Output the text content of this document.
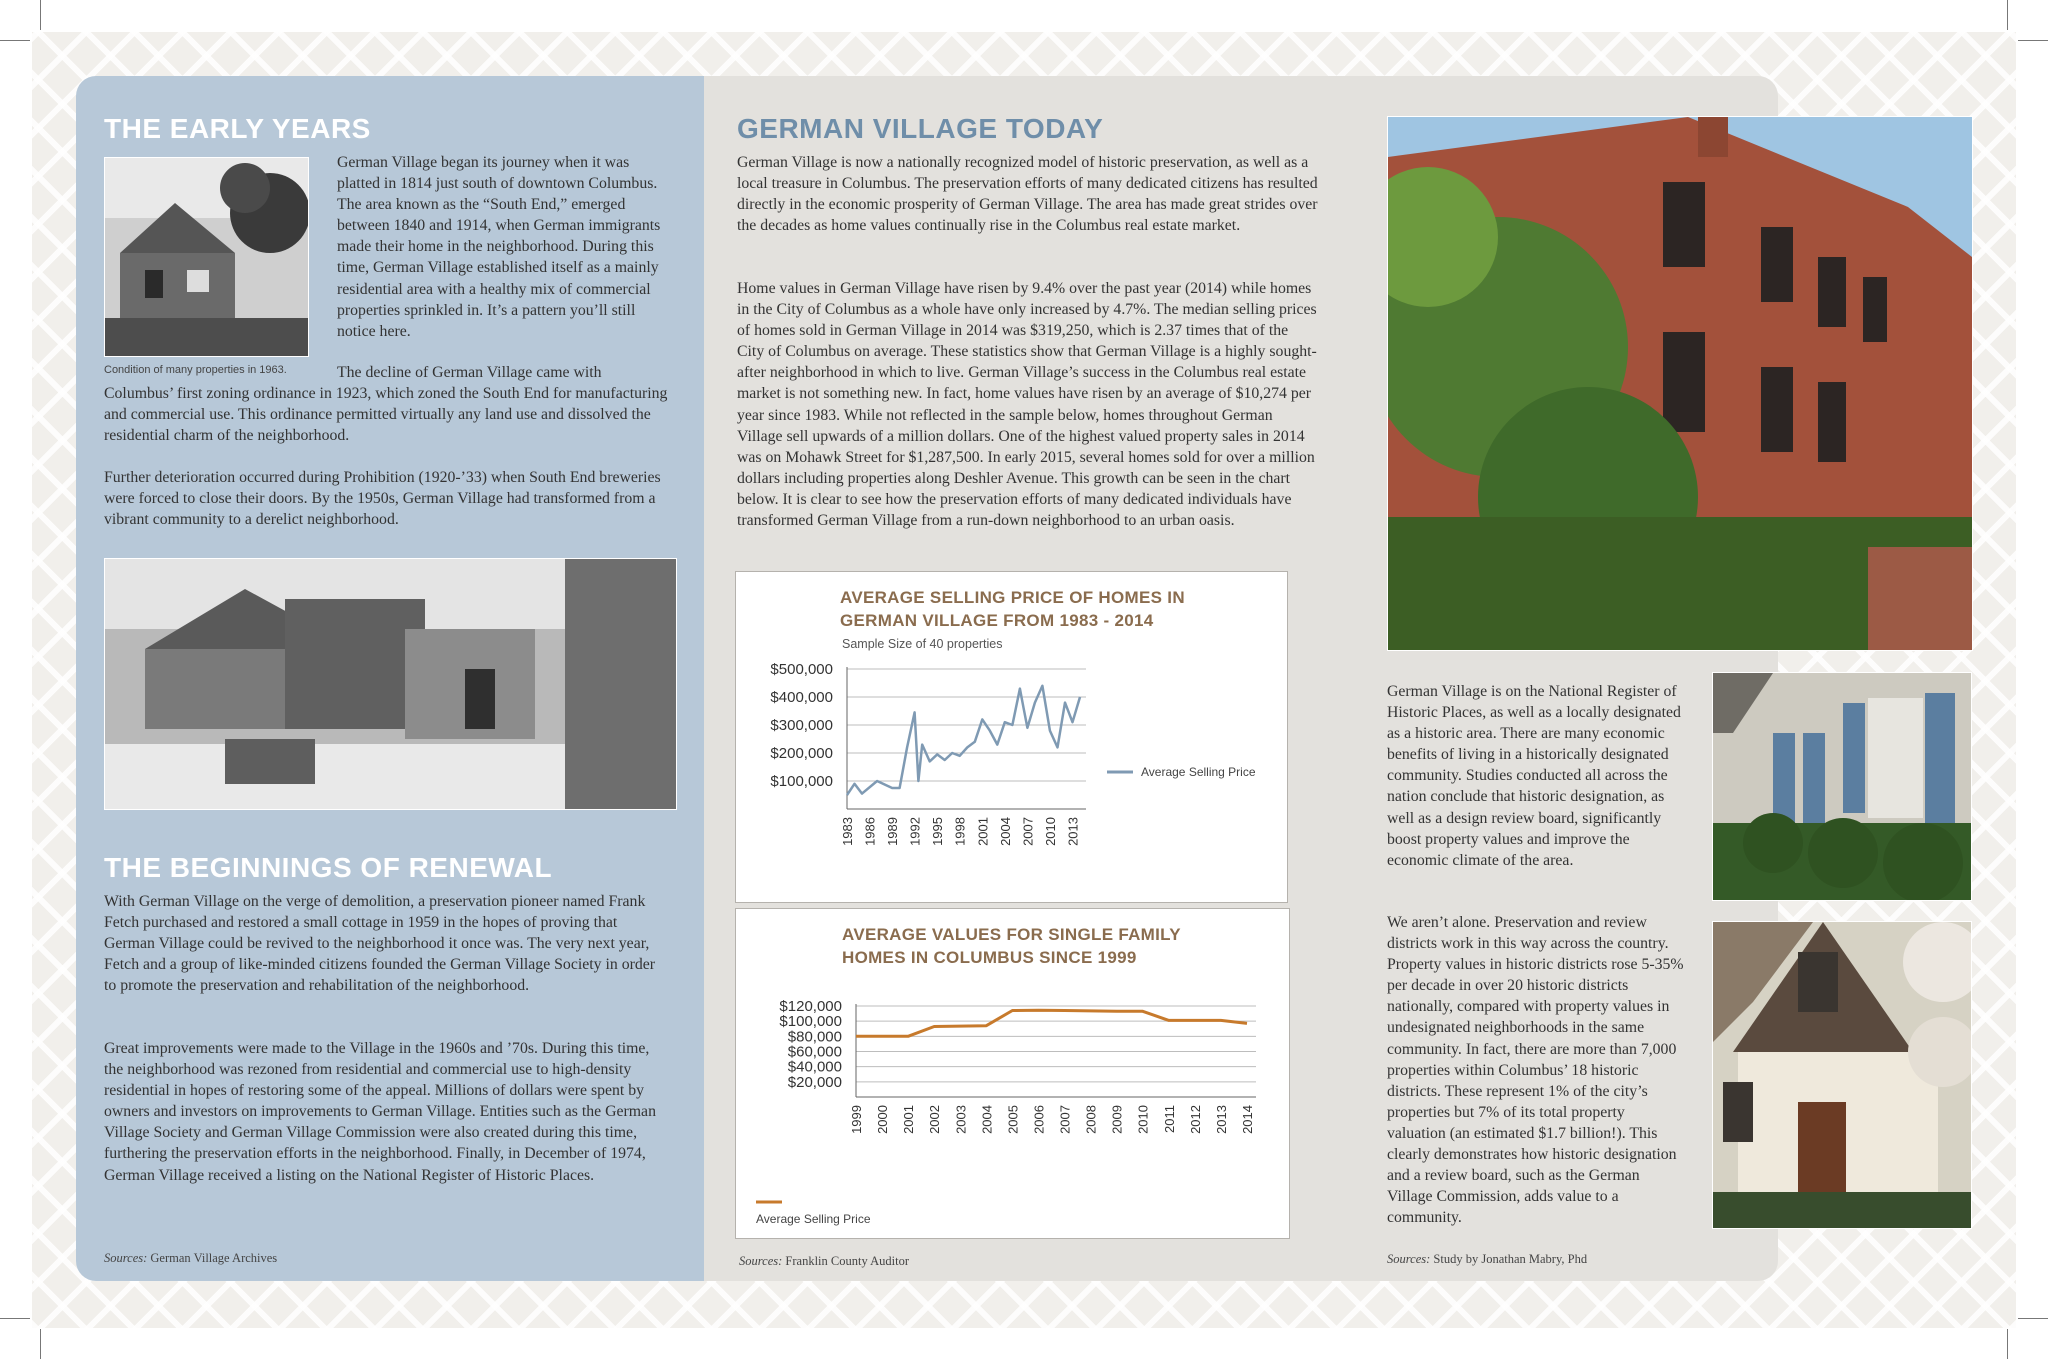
THE EARLY YEARS
Condition of many properties in 1963.

German Village began its journey when it was platted in 1814 just south of downtown Columbus. The area known as the “South End,” emerged between 1840 and 1914, when German immigrants made their home in the neighborhood. During this time, German Village established itself as a mainly residential area with a healthy mix of commercial properties sprinkled in. It’s a pattern you’ll still notice here.

The decline of German Village came with Columbus’ first zoning ordinance in 1923, which zoned the South End for manufacturing and commercial use. This ordinance permitted virtually any land use and dissolved the residential charm of the neighborhood.

Further deterioration occurred during Prohibition (1920-’33) when South End breweries were forced to close their doors. By the 1950s, German Village had transformed from a vibrant community to a derelict neighborhood.

THE BEGINNINGS OF RENEWAL

With German Village on the verge of demolition, a preservation pioneer named Frank Fetch purchased and restored a small cottage in 1959 in the hopes of proving that German Village could be revived to the neighborhood it once was. The very next year, Fetch and a group of like-minded citizens founded the German Village Society in order to promote the preservation and rehabilitation of the neighborhood.

Great improvements were made to the Village in the 1960s and ’70s. During this time, the neighborhood was rezoned from residential and commercial use to high-density residential in hopes of restoring some of the appeal. Millions of dollars were spent by owners and investors on improvements to German Village. Entities such as the German Village Society and German Village Commission were also created during this time, furthering the preservation efforts in the neighborhood. Finally, in December of 1974, German Village received a listing on the National Register of Historic Places.

Sources: German Village Archives
GERMAN VILLAGE TODAY

German Village is now a nationally recognized model of historic preservation, as well as a local treasure in Columbus. The preservation efforts of many dedicated citizens has resulted directly in the economic prosperity of German Village. The area has made great strides over the decades as home values continually rise in the Columbus real estate market.

Home values in German Village have risen by 9.4% over the past year (2014) while homes in the City of Columbus as a whole have only increased by 4.7%. The median selling prices of homes sold in German Village in 2014 was $319,250, which is 2.37 times that of the City of Columbus on average. These statistics show that German Village is a highly sought-after neighborhood in which to live. German Village’s success in the Columbus real estate market is not something new. In fact, home values have risen by an average of $10,274 per year since 1983. While not reflected in the sample below, homes throughout German Village sell upwards of a million dollars. One of the highest valued property sales in 2014 was on Mohawk Street for $1,287,500. In early 2015, several homes sold for over a million dollars including properties along Deshler Avenue. This growth can be seen in the chart below. It is clear to see how the preservation efforts of many dedicated individuals have transformed German Village from a run-down neighborhood to an urban oasis.

AVERAGE SELLING PRICE OF HOMES IN GERMAN VILLAGE FROM 1983 - 2014
Sample Size of 40 properties
$500,000
$400,000
$300,000
$200,000
$100,000
1983 1986 1989 1992 1995 1998 2001 2004 2007 2010 2013
Average Selling Price
AVERAGE VALUES FOR SINGLE FAMILY HOMES IN COLUMBUS SINCE 1999
$120,000
$100,000
$80,000
$60,000
$40,000
$20,000
1999 2000 2001 2002 2003 2004 2005 2006 2007 2008 2009 2010 2011 2012 2013 2014
Average Selling Price
Sources: Franklin County Auditor

German Village is on the National Register of Historic Places, as well as a locally designated as a historic area. There are many economic benefits of living in a historically designated community. Studies conducted all across the nation conclude that historic designation, as well as a design review board, significantly boost property values and improve the economic climate of the area.

We aren’t alone. Preservation and review districts work in this way across the country. Property values in historic districts rose 5-35% per decade in over 20 historic districts nationally, compared with property values in undesignated neighborhoods in the same community. In fact, there are more than 7,000 properties within Columbus’ 18 historic districts. These represent 1% of the city’s properties but 7% of its total property valuation (an estimated $1.7 billion!). This clearly demonstrates how historic designation and a review board, such as the German Village Commission, adds value to a community.

Sources: Study by Jonathan Mabry, Phd
